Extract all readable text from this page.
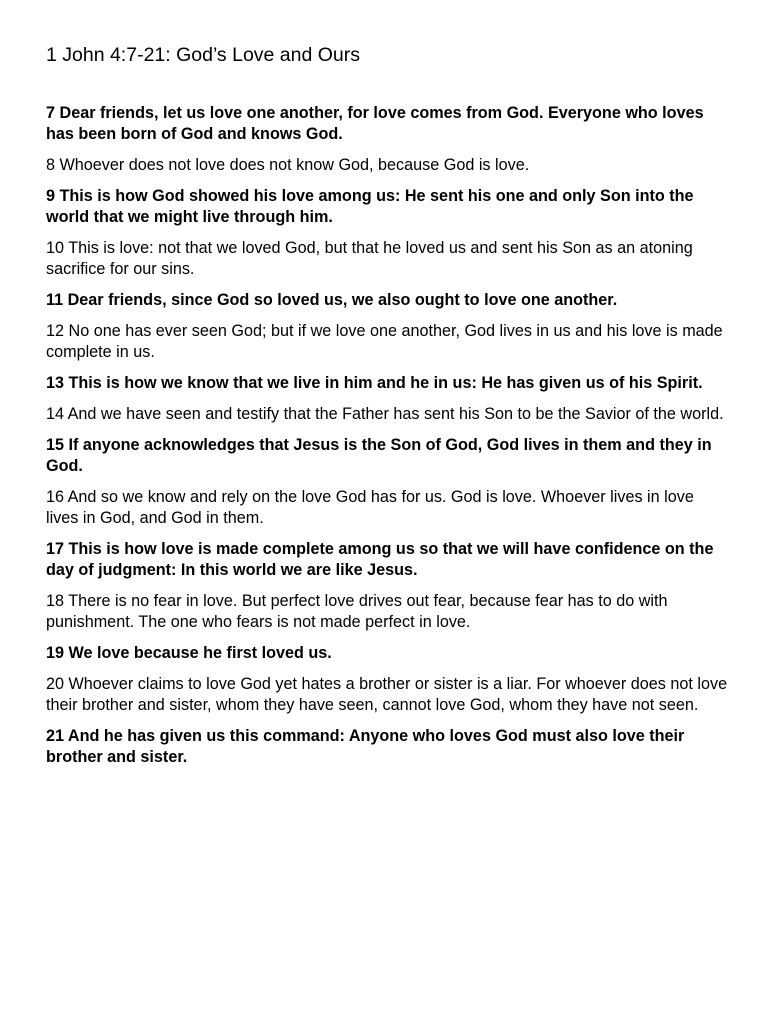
1 John 4:7-21: God’s Love and Ours

7 Dear friends, let us love one another, for love comes from God. Everyone who loves has been born of God and knows God.

8 Whoever does not love does not know God, because God is love.

9 This is how God showed his love among us: He sent his one and only Son into the world that we might live through him.

10 This is love: not that we loved God, but that he loved us and sent his Son as an atoning sacrifice for our sins.

11 Dear friends, since God so loved us, we also ought to love one another.

12 No one has ever seen God; but if we love one another, God lives in us and his love is made complete in us.

13 This is how we know that we live in him and he in us: He has given us of his Spirit.

14 And we have seen and testify that the Father has sent his Son to be the Savior of the world.

15 If anyone acknowledges that Jesus is the Son of God, God lives in them and they in God.

16 And so we know and rely on the love God has for us. God is love. Whoever lives in love lives in God, and God in them.

17 This is how love is made complete among us so that we will have confidence on the day of judgment: In this world we are like Jesus.

18 There is no fear in love. But perfect love drives out fear, because fear has to do with punishment. The one who fears is not made perfect in love.

19 We love because he first loved us.

20 Whoever claims to love God yet hates a brother or sister is a liar. For whoever does not love their brother and sister, whom they have seen, cannot love God, whom they have not seen.

21 And he has given us this command: Anyone who loves God must also love their brother and sister.
